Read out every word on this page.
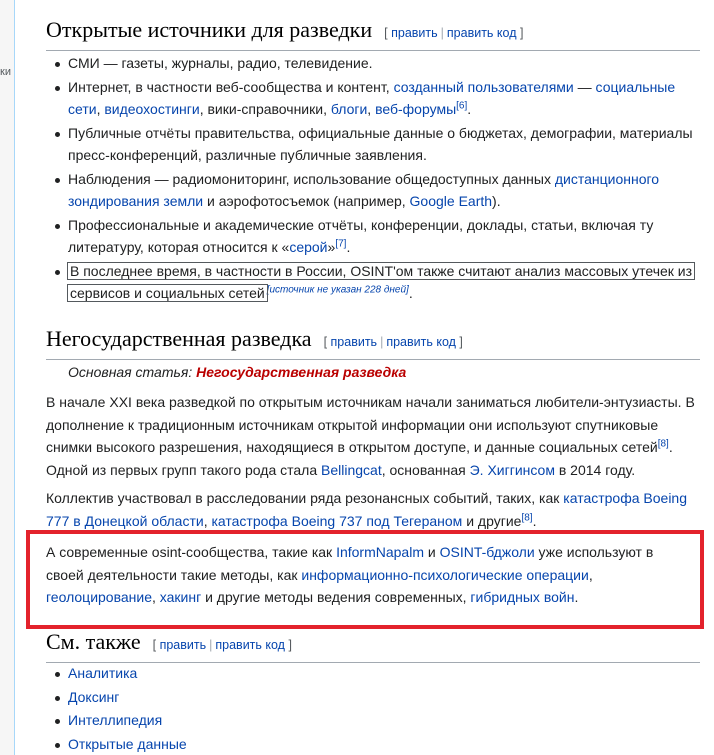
ки
Открытые источники для разведки [ править | править код ]
СМИ — газеты, журналы, радио, телевидение.
Интернет, в частности веб-сообщества и контент, созданный пользователями — социальные
сети, видеохостинги, вики-справочники, блоги, веб-форумы[6].
Публичные отчёты правительства, официальные данные о бюджетах, демографии, материалы пресс-конференций, различные публичные заявления.
Наблюдения — радиомониторинг, использование общедоступных данных дистанционного зондирования земли и аэрофотосъемок (например, Google Earth).
Профессиональные и академические отчёты, конференции, доклады, статьи, включая ту литературу, которая относится к «серой»[7].
В последнее время, в частности в России, OSINT'ом также считают анализ массовых утечек из
сервисов и социальных сетей [источник не указан 228 дней].
Негосударственная разведка [ править | править код ]

Основная статья: Негосударственная разведка

В начале XXI века разведкой по открытым источникам начали заниматься любители-энтузиасты. В дополнение к традиционным источникам открытой информации они используют спутниковые снимки высокого разрешения, находящиеся в открытом доступе, и данные социальных сетей[8]. Одной из первых групп такого рода стала Bellingcat, основанная Э. Хиггинсом в 2014 году.

Коллектив участвовал в расследовании ряда резонансных событий, таких, как катастрофа Boeing 777 в Донецкой области, катастрофа Boeing 737 под Тегераном и другие[8].

А современные osint-сообщества, такие как InformNapalm и OSINT-бджоли уже используют в своей деятельности такие методы, как информационно-психологические операции, геолоцирование, хакинг и другие методы ведения современных, гибридных войн.

См. также [ править | править код ]
Аналитика
Доксинг
Интеллипедия
Открытые данные
